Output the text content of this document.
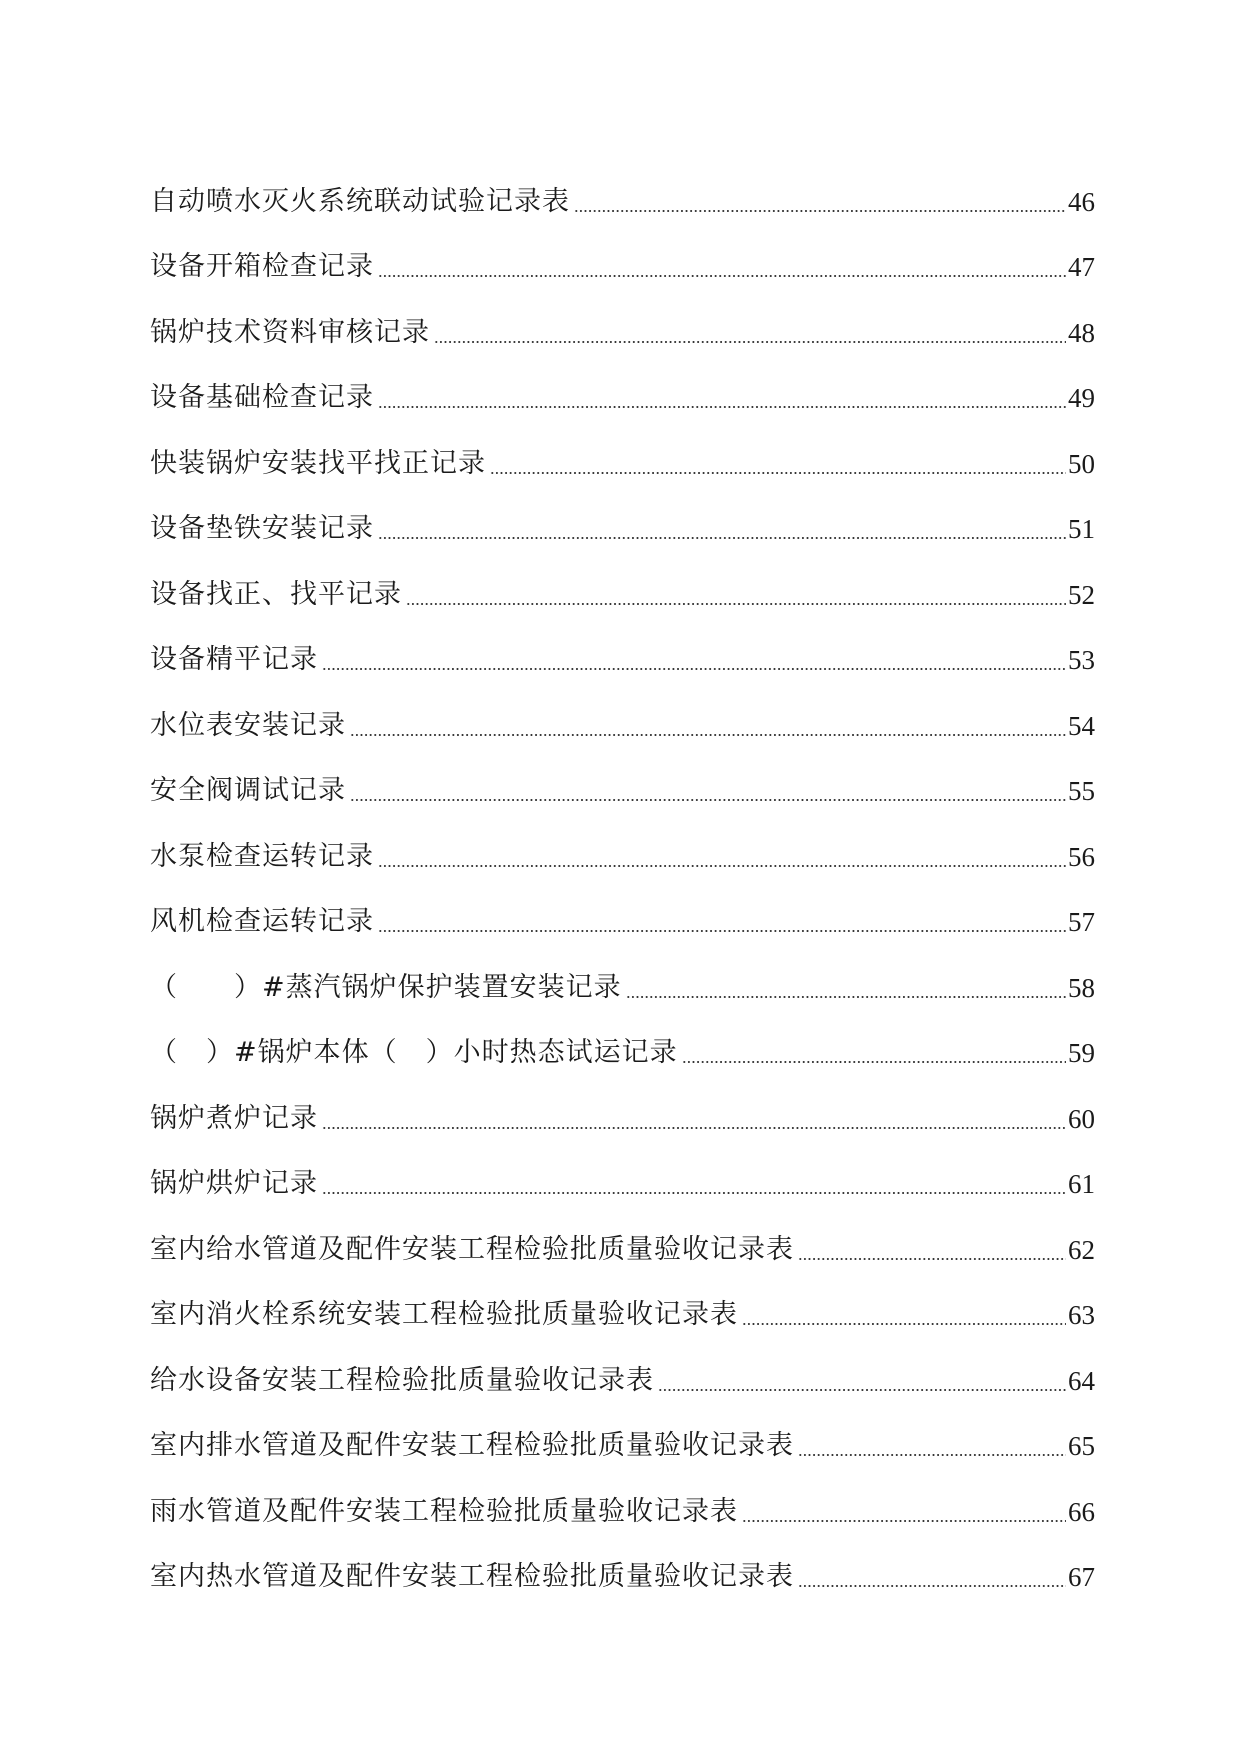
自动喷水灭火系统联动试验记录表	46
设备开箱检查记录	47
锅炉技术资料审核记录	48
设备基础检查记录	49
快装锅炉安装找平找正记录	50
设备垫铁安装记录	51
设备找正、找平记录	52
设备精平记录	53
水位表安装记录	54
安全阀调试记录	55
水泵检查运转记录	56
风机检查运转记录	57
（　　）#蒸汽锅炉保护装置安装记录	58
（　）#锅炉本体（　）小时热态试运记录	59
锅炉煮炉记录	60
锅炉烘炉记录	61
室内给水管道及配件安装工程检验批质量验收记录表	62
室内消火栓系统安装工程检验批质量验收记录表	63
给水设备安装工程检验批质量验收记录表	64
室内排水管道及配件安装工程检验批质量验收记录表	65
雨水管道及配件安装工程检验批质量验收记录表	66
室内热水管道及配件安装工程检验批质量验收记录表	67
